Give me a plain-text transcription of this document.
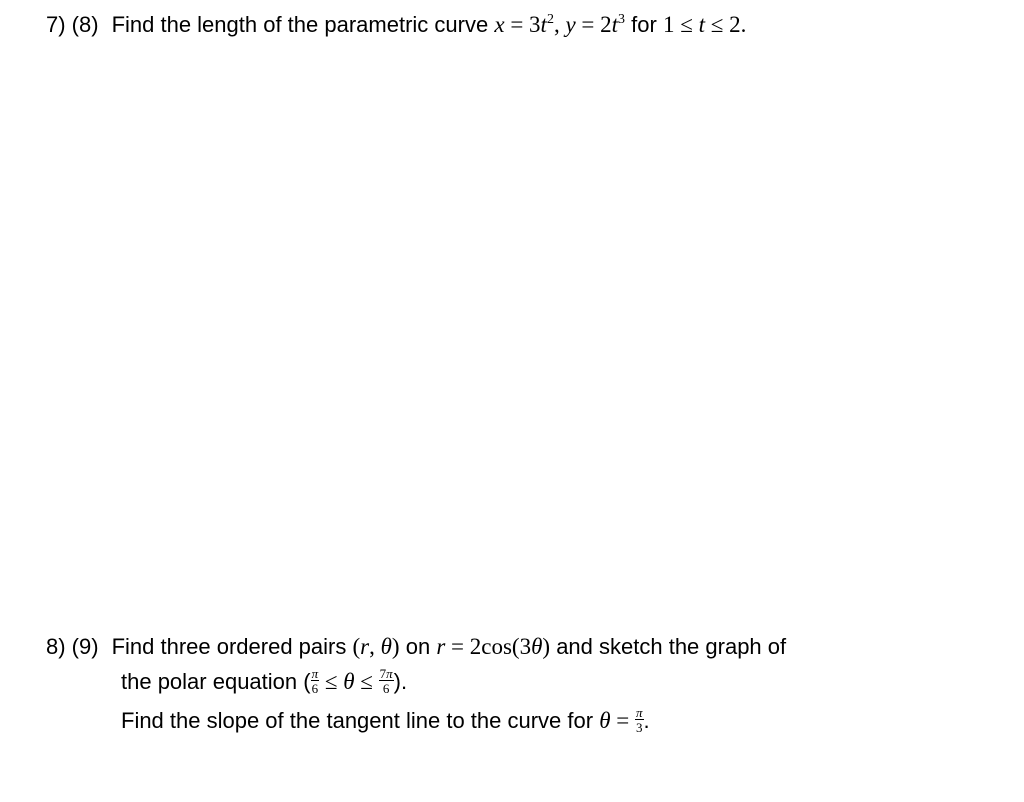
7) (8) Find the length of the parametric curve $x = 3t^2$, $y = 2t^3$ for 1 ≤ t ≤ 2.
8) (9) Find three ordered pairs (r, θ) on r = 2cos(3θ) and sketch the graph of
the polar equation ( $\frac{\pi}{6} \le \theta \le \frac{7\pi}{6}$ ).
Find the slope of the tangent line to the curve for $\theta = \frac{\pi}{3}$ .
